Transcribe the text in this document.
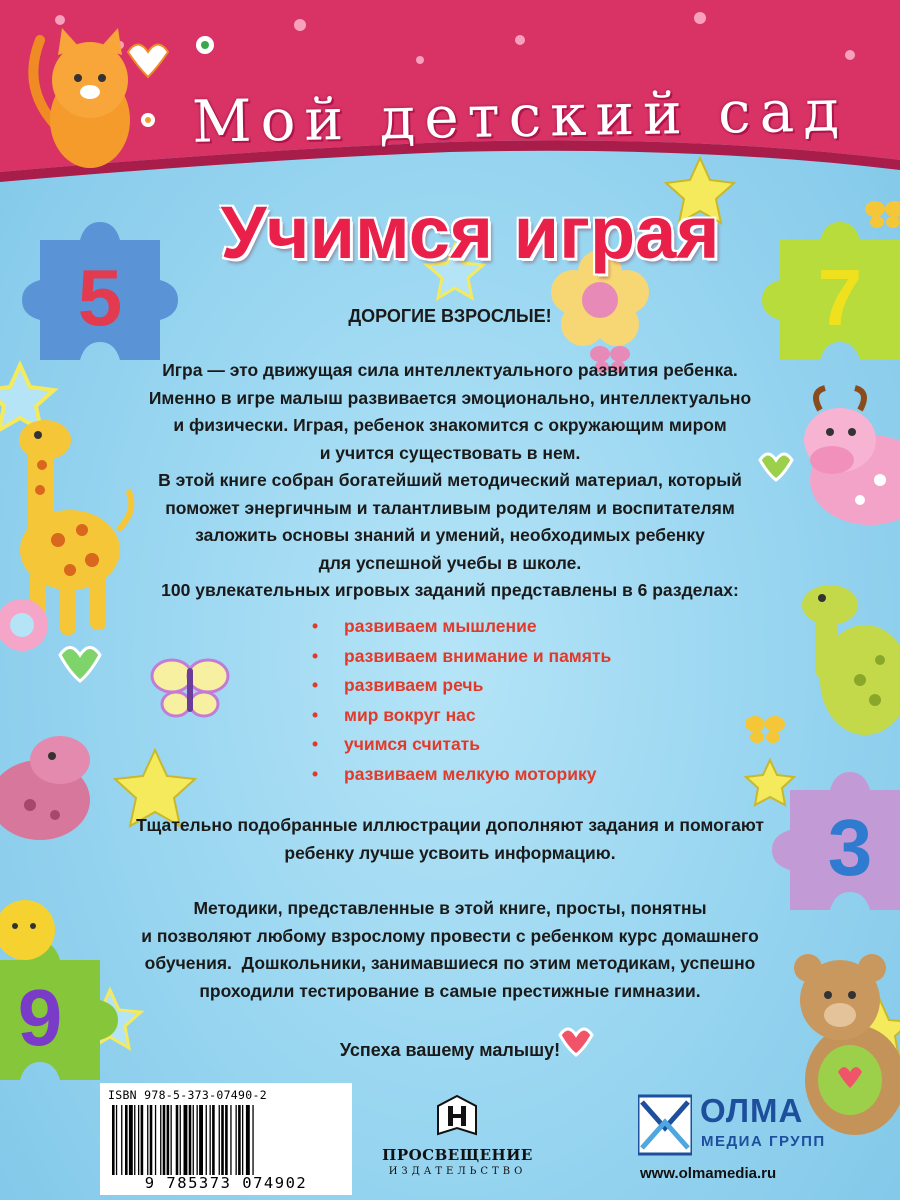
Мой детский сад
5	7
3
9
Учимся играя
ДОРОГИЕ ВЗРОСЛЫЕ!

Игра — это движущая сила интеллектуального развития ребенка.

Именно в игре малыш развивается эмоционально, интеллектуально

и физически. Играя, ребенок знакомится с окружающим миром

и учится существовать в нем.

В этой книге собран богатейший методический материал, который

поможет энергичным и талантливым родителям и воспитателям

заложить основы знаний и умений, необходимых ребенку

для успешной учебы в школе.

100 увлекательных игровых заданий представлены в 6 разделах:

• развиваем мышление
• развиваем внимание и память
• развиваем речь
• мир вокруг нас
• учимся считать
• развиваем мелкую моторику
Тщательно подобранные иллюстрации дополняют задания и помогают
ребенку лучше усвоить информацию.
Методики, представленные в этой книге, просты, понятны
и позволяют любому взрослому провести с ребенком курс домашнего
обучения.  Дошкольники, занимавшиеся по этим методикам, успешно
проходили тестирование в самые престижные гимназии.
Успеха вашему малышу!
ISBN 978-5-373-07490-2
9 785373 074902
ПРОСВЕЩЕНИЕ
ИЗДАТЕЛЬСТВО
ОЛМА
МЕДИА ГРУПП
www.olmamedia.ru
